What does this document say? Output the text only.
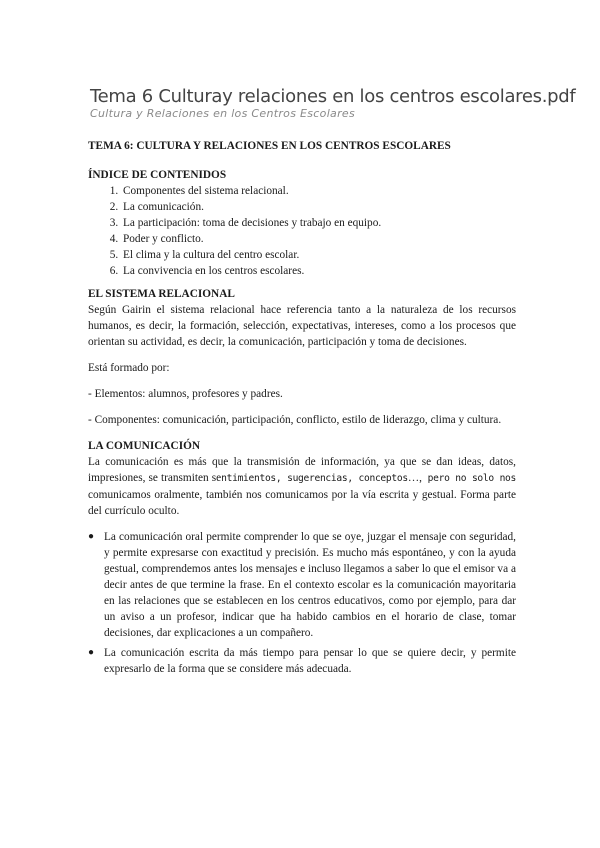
Tema 6 Culturay relaciones en los centros escolares.pdf
Cultura y Relaciones en los Centros Escolares

TEMA 6: CULTURA Y RELACIONES EN LOS CENTROS ESCOLARES

ÍNDICE DE CONTENIDOS

1. Componentes del sistema relacional.
2. La comunicación.
3. La participación: toma de decisiones y trabajo en equipo.
4. Poder y conflicto.
5. El clima y la cultura del centro escolar.
6. La convivencia en los centros escolares.

EL SISTEMA RELACIONAL

Según Gairin el sistema relacional hace referencia tanto a la naturaleza de los recursos humanos, es decir, la formación, selección, expectativas, intereses, como a los procesos que orientan su actividad, es decir, la comunicación, participación y toma de decisiones.

Está formado por:

- Elementos: alumnos, profesores y padres.

- Componentes: comunicación, participación, conflicto, estilo de liderazgo, clima y cultura.

LA COMUNICACIÓN

La comunicación es más que la transmisión de información, ya que se dan ideas, datos, impresiones, se transmiten sentimientos, sugerencias, conceptos…, pero no solo nos comunicamos oralmente, también nos comunicamos por la vía escrita y gestual. Forma parte del currículo oculto.

● La comunicación oral permite comprender lo que se oye, juzgar el mensaje con seguridad, y permite expresarse con exactitud y precisión. Es mucho más espontáneo, y con la ayuda gestual, comprendemos antes los mensajes e incluso llegamos a saber lo que el emisor va a decir antes de que termine la frase. En el contexto escolar es la comunicación mayoritaria en las relaciones que se establecen en los centros educativos, como por ejemplo, para dar un aviso a un profesor, indicar que ha habido cambios en el horario de clase, tomar decisiones, dar explicaciones a un compañero.
● La comunicación escrita da más tiempo para pensar lo que se quiere decir, y permite expresarlo de la forma que se considere más adecuada.
